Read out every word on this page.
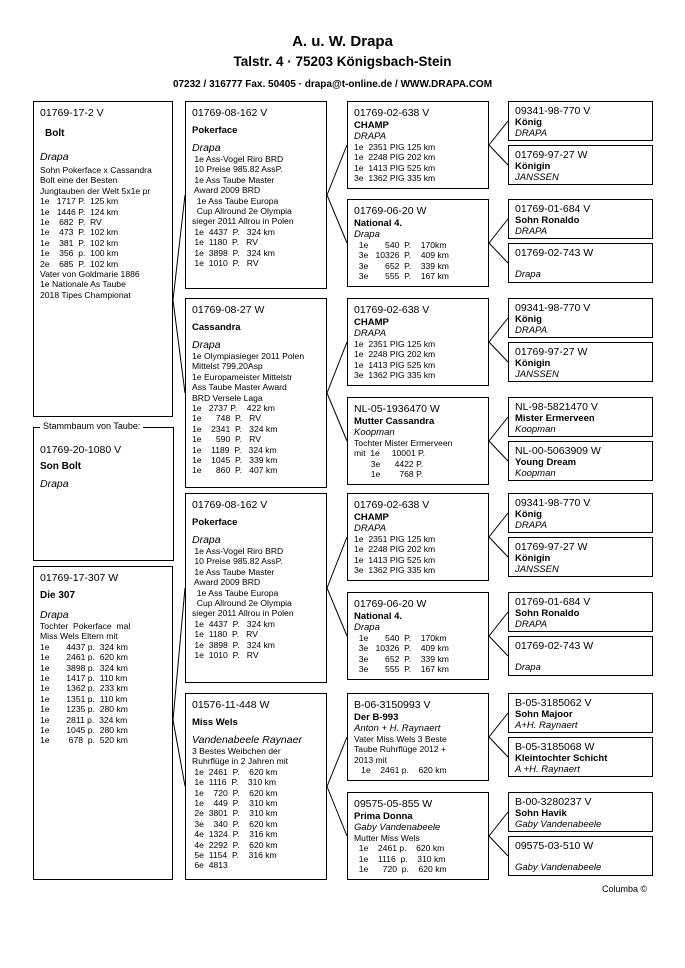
A. u. W. Drapa
Talstr. 4 · 75203 Königsbach-Stein
07232 / 316777 Fax. 50405 · drapa@t-online.de / WWW.DRAPA.COM
01769-17-2 V
Bolt
Drapa
Sohn Pokerface x Cassandra
Bolt eine der Besten
Jungtauben der Welt 5x1e pr
1e   1717 P.  125 km
1e   1446 P.  124 km
1e    682  P.  RV
1e    473  P.  102 km
1e    381  P.  102 km
1e    356  p.  100 km
2e    685  P.  102 km
Vater von Goldmarie 1886
1e Nationale As Taube
2018 Tipes Championat
Stammbaum von Taube:
01769-20-1080 V
Son Bolt
Drapa
01769-17-307 W
Die 307
Drapa
Tochter  Pokerface  mal
Miss Wels Eltern mit
1e       4437 p.  324 km
1e       2461 p.  620 km
1e       3898 p.  324 km
1e       1417 p.  110 km
1e       1362 p.  233 km
1e       1351 p.  110 km
1e       1235 p.  280 km
1e       2811 p.  324 km
1e       1045 p.  280 km
1e        678  p.  520 km
01769-08-162 V
Pokerface
Drapa
1e Ass-Vogel Riro BRD
10 Preise 985.82 AssP.
1e Ass Taube Master
Award 2009 BRD
1e Ass Taube Europa
Cup Allround 2e Olympia
sieger 2011 Allrou in Polen
1e  4437  P.   324 km
1e  1180  P.   RV
1e  3898  P.   324 km
1e  1010  P.   RV
01769-08-27 W
Cassandra
Drapa
1e Olympiasieger 2011 Polen
Mittelst 799,20Asp
1e Europameister Mittelstr
Ass Taube Master Award
BRD Versele Laga
1e   2737 P.    422 km
1e      748  P.   RV
1e    2341  P.   324 km
1e      590  P.   RV
1e    1189  P.   324 km
1e    1045  P.   339 km
1e      860  P.   407 km
01769-08-162 V
Pokerface
Drapa
1e Ass-Vogel Riro BRD
10 Preise 985.82 AssP.
1e Ass Taube Master
Award 2009 BRD
1e Ass Taube Europa
Cup Allround 2e Olympia
sieger 2011 Allrou in Polen
1e  4437  P.   324 km
1e  1180  P.   RV
1e  3898  P.   324 km
1e  1010  P.   RV
01576-11-448 W
Miss Wels
Vandenabeele Raynaer
3 Bestes Weibchen der
Ruhrflüge in 2 Jahren mit
1e  2461  P.    620 km
1e  1116  P.    310 km
1e    720  P.    620 km
1e    449  P.    310 km
2e  3801  P.    310 km
3e    340  P.    620 km
4e  1324  P.    316 km
4e  2292  P.    620 km
5e  1154  P.    316 km
6e  4813
01769-02-638 V
CHAMP
DRAPA
1e  2351 PIG 125 km
1e  2248 PIG 202 km
1e  1413 PIG 525 km
3e  1362 PIG 335 km
01769-06-20 W
National 4.
Drapa
1e       540  P.    170km
3e   10326  P.    409 km
3e       652  P.    339 km
3e       555  P.    167 km
01769-02-638 V
CHAMP
DRAPA
1e  2351 PIG 125 km
1e  2248 PIG 202 km
1e  1413 PIG 525 km
3e  1362 PIG 335 km
NL-05-1936470 W
Mutter Cassandra
Koopman
Tochter Mister Ermerveen
mit  1e     10001 P.
3e      4422 P.
1e        768 P.
01769-02-638 V
CHAMP
DRAPA
1e  2351 PIG 125 km
1e  2248 PIG 202 km
1e  1413 PIG 525 km
3e  1362 PIG 335 km
01769-06-20 W
National 4.
Drapa
1e       540  P.    170km
3e   10326  P.    409 km
3e       652  P.    339 km
3e       555  P.    167 km
B-06-3150993 V
Der B-993
Anton + H. Raynaert
Vater Miss Wels 3 Beste
Taube Ruhrflüge 2012 +
2013 mit
1e    2461 p.    620 km
09575-05-855 W
Prima Donna
Gaby Vandenabeele
Mutter Miss Wels
1e    2461 p.    620 km
1e    1116  p.    310 km
1e      720  p.    620 km
09341-98-770 V
König
DRAPA
01769-97-27 W
Königin
JANSSEN
01769-01-684 V
Sohn Ronaldo
DRAPA
01769-02-743 W
Drapa
09341-98-770 V
König
DRAPA
01769-97-27 W
Königin
JANSSEN
NL-98-5821470 V
Mister Ermerveen
Koopman
NL-00-5063909 W
Young Dream
Koopman
09341-98-770 V
König
DRAPA
01769-97-27 W
Königin
JANSSEN
01769-01-684 V
Sohn Ronaldo
DRAPA
01769-02-743 W
Drapa
B-05-3185062 V
Sohn Majoor
A+H. Raynaert
B-05-3185068 W
Kleintochter Schicht
A +H. Raynaert
B-00-3280237 V
Sohn Havik
Gaby Vandenabeele
09575-03-510 W
Gaby Vandenabeele
Columba ©
